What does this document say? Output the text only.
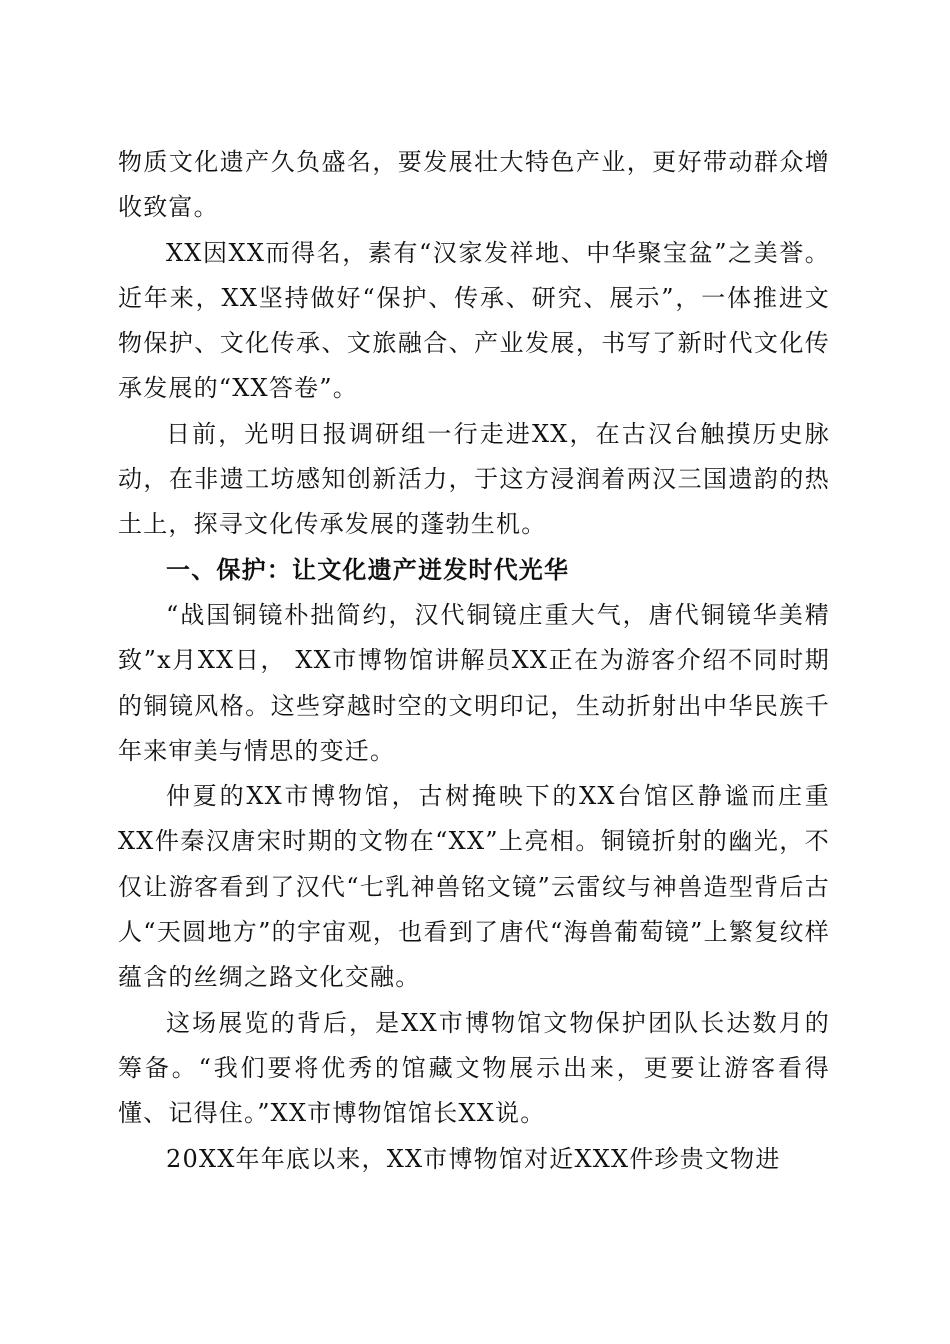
物质文化遗产久负盛名，要发展壮大特色产业，更好带动群众增收致富。

XX因XX而得名，素有“汉家发祥地、中华聚宝盆”之美誉。近年来，XX坚持做好“保护、传承、研究、展示”，一体推进文物保护、文化传承、文旅融合、产业发展，书写了新时代文化传承发展的“XX答卷”。

日前，光明日报调研组一行走进XX，在古汉台触摸历史脉动，在非遗工坊感知创新活力，于这方浸润着两汉三国遗韵的热土上，探寻文化传承发展的蓬勃生机。

一、保护：让文化遗产迸发时代光华

“战国铜镜朴拙简约，汉代铜镜庄重大气，唐代铜镜华美精致”x月XX日， XX市博物馆讲解员XX正在为游客介绍不同时期的铜镜风格。这些穿越时空的文明印记，生动折射出中华民族千年来审美与情思的变迁。

仲夏的XX市博物馆，古树掩映下的XX台馆区静谧而庄重XX件秦汉唐宋时期的文物在“XX”上亮相。铜镜折射的幽光，不仅让游客看到了汉代“七乳神兽铭文镜”云雷纹与神兽造型背后古人“天圆地方”的宇宙观，也看到了唐代“海兽葡萄镜”上繁复纹样蕴含的丝绸之路文化交融。

这场展览的背后，是XX市博物馆文物保护团队长达数月的筹备。“我们要将优秀的馆藏文物展示出来，更要让游客看得懂、记得住。”XX市博物馆馆长XX说。

20XX年年底以来，XX市博物馆对近XXX件珍贵文物进
